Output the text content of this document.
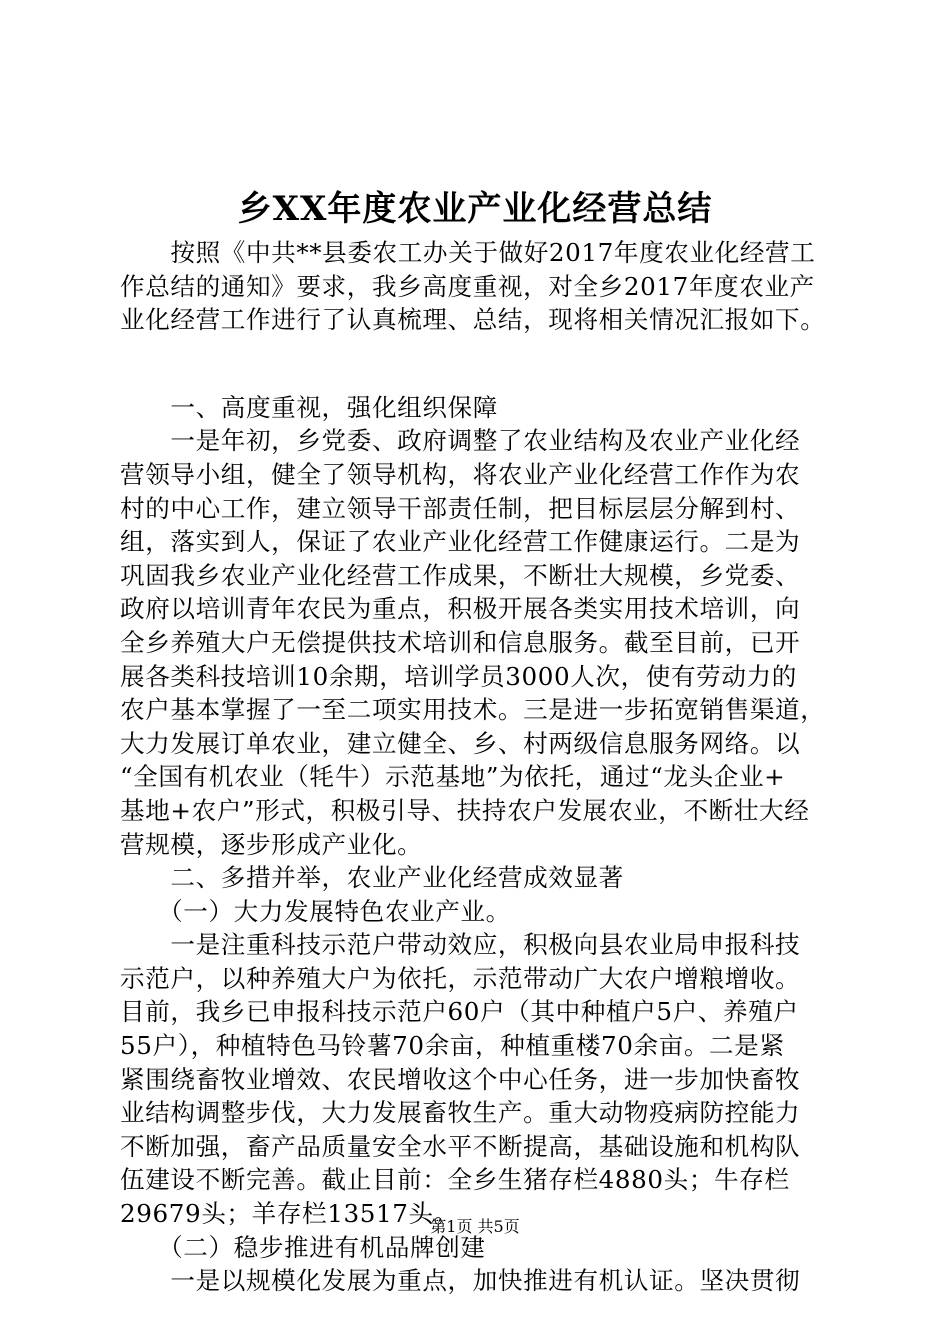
乡XX年度农业产业化经营总结
　　按照《中共**县委农工办关于做好2017年度农业化经营工
作总结的通知》要求，我乡高度重视，对全乡2017年度农业产
业化经营工作进行了认真梳理、总结，现将相关情况汇报如下。
　　一、高度重视，强化组织保障
　　一是年初，乡党委、政府调整了农业结构及农业产业化经
营领导小组，健全了领导机构，将农业产业化经营工作作为农
村的中心工作，建立领导干部责任制，把目标层层分解到村、
组，落实到人，保证了农业产业化经营工作健康运行。二是为
巩固我乡农业产业化经营工作成果，不断壮大规模，乡党委、
政府以培训青年农民为重点，积极开展各类实用技术培训，向
全乡养殖大户无偿提供技术培训和信息服务。截至目前，已开
展各类科技培训10余期，培训学员3000人次，使有劳动力的
农户基本掌握了一至二项实用技术。三是进一步拓宽销售渠道，
大力发展订单农业，建立健全、乡、村两级信息服务网络。以
“全国有机农业（牦牛）示范基地”为依托，通过“龙头企业+
基地+农户”形式，积极引导、扶持农户发展农业，不断壮大经
营规模，逐步形成产业化。
　　二、多措并举，农业产业化经营成效显著
　　（一）大力发展特色农业产业。
　　一是注重科技示范户带动效应，积极向县农业局申报科技
示范户，以种养殖大户为依托，示范带动广大农户增粮增收。
目前，我乡已申报科技示范户60户（其中种植户5户、养殖户
55户），种植特色马铃薯70余亩，种植重楼70余亩。二是紧
紧围绕畜牧业增效、农民增收这个中心任务，进一步加快畜牧
业结构调整步伐，大力发展畜牧生产。重大动物疫病防控能力
不断加强，畜产品质量安全水平不断提高，基础设施和机构队
伍建设不断完善。截止目前：全乡生猪存栏4880头；牛存栏
29679头；羊存栏13517头。
　　（二）稳步推进有机品牌创建
　　一是以规模化发展为重点，加快推进有机认证。坚决贯彻
第1页 共5页
